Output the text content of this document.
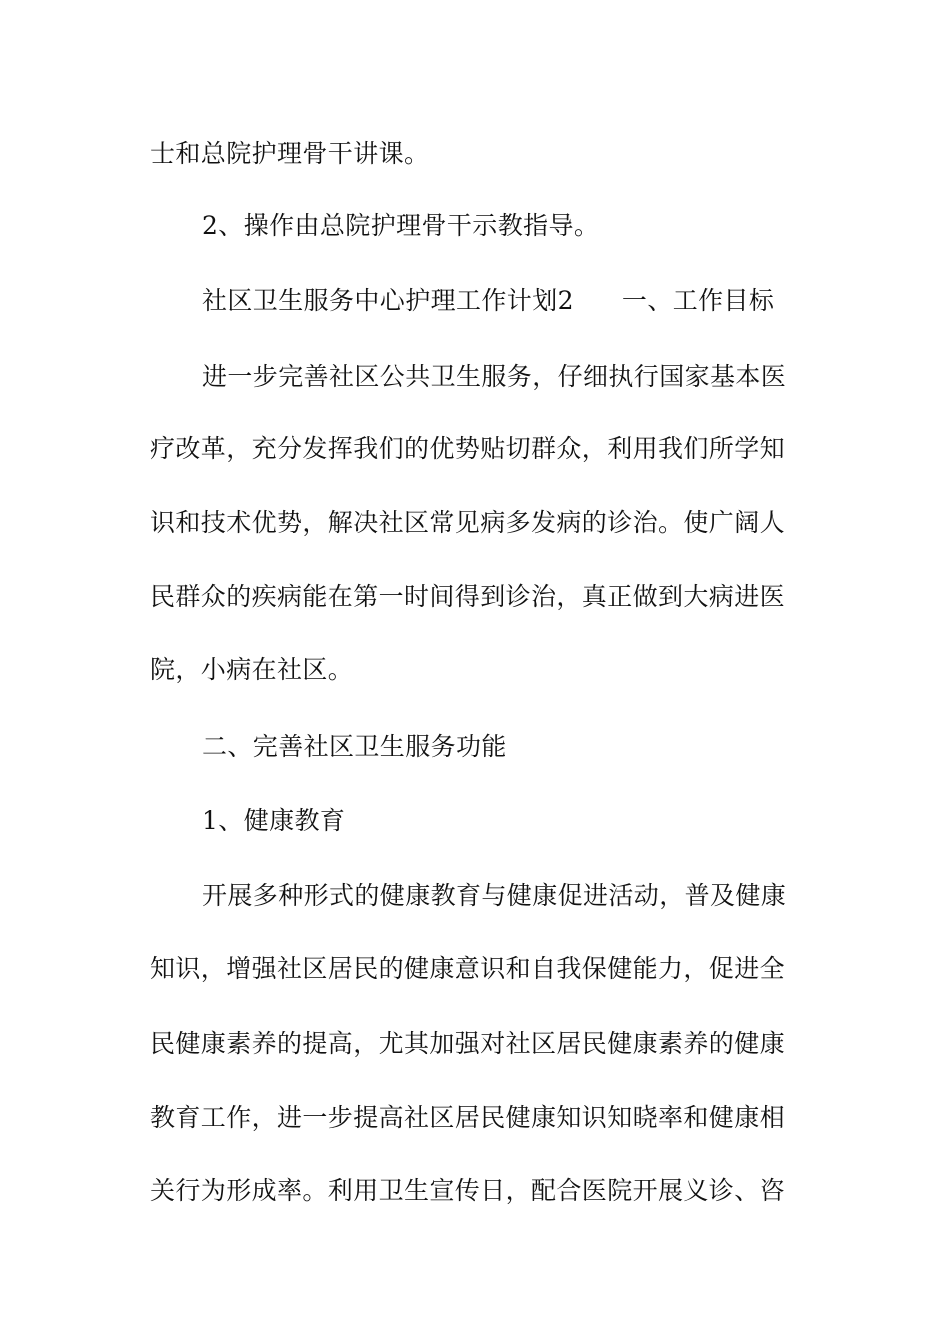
士和总院护理骨干讲课。
2、操作由总院护理骨干示教指导。
社区卫生服务中心护理工作计划2 一、工作目标
进一步完善社区公共卫生服务，仔细执行国家基本医
疗改革，充分发挥我们的优势贴切群众，利用我们所学知
识和技术优势，解决社区常见病多发病的诊治。使广阔人
民群众的疾病能在第一时间得到诊治，真正做到大病进医
院，小病在社区。
二、完善社区卫生服务功能
1、健康教育
开展多种形式的健康教育与健康促进活动，普及健康
知识，增强社区居民的健康意识和自我保健能力，促进全
民健康素养的提高，尤其加强对社区居民健康素养的健康
教育工作，进一步提高社区居民健康知识知晓率和健康相
关行为形成率。利用卫生宣传日，配合医院开展义诊、咨
